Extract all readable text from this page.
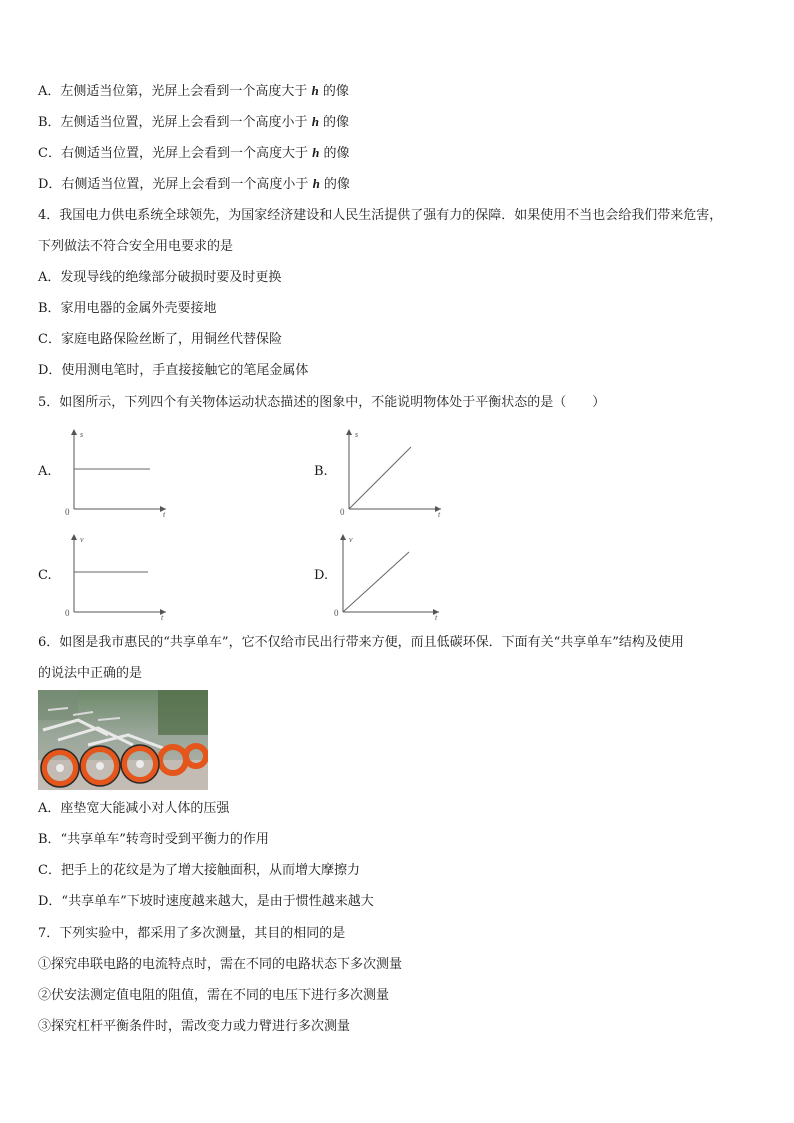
A．左侧适当位第，光屏上会看到一个高度大于 h 的像
B．左侧适当位置，光屏上会看到一个高度小于 h 的像
C．右侧适当位置，光屏上会看到一个高度大于 h 的像
D．右侧适当位置，光屏上会看到一个高度小于 h 的像
4．我国电力供电系统全球领先，为国家经济建设和人民生活提供了强有力的保障．如果使用不当也会给我们带来危害，
下列做法不符合安全用电要求的是
A．发现导线的绝缘部分破损时要及时更换
B．家用电器的金属外壳要接地
C．家庭电路保险丝断了，用铜丝代替保险
D．使用测电笔时，手直接接触它的笔尾金属体
5．如图所示，下列四个有关物体运动状态描述的图象中，不能说明物体处于平衡状态的是（　　）
A.
s
t
0
B.
s
t
0
C.
v
t
0
D.
v
t
0
6．如图是我市惠民的“共享单车”，它不仅给市民出行带来方便，而且低碳环保．下面有关“共享单车”结构及使用
的说法中正确的是
A．座垫宽大能减小对人体的压强
B．“共享单车”转弯时受到平衡力的作用
C．把手上的花纹是为了增大接触面积，从而增大摩擦力
D．“共享单车”下坡时速度越来越大，是由于惯性越来越大
7．下列实验中，都采用了多次测量，其目的相同的是
①探究串联电路的电流特点时，需在不同的电路状态下多次测量
②伏安法测定值电阻的阻值，需在不同的电压下进行多次测量
③探究杠杆平衡条件时，需改变力或力臂进行多次测量
